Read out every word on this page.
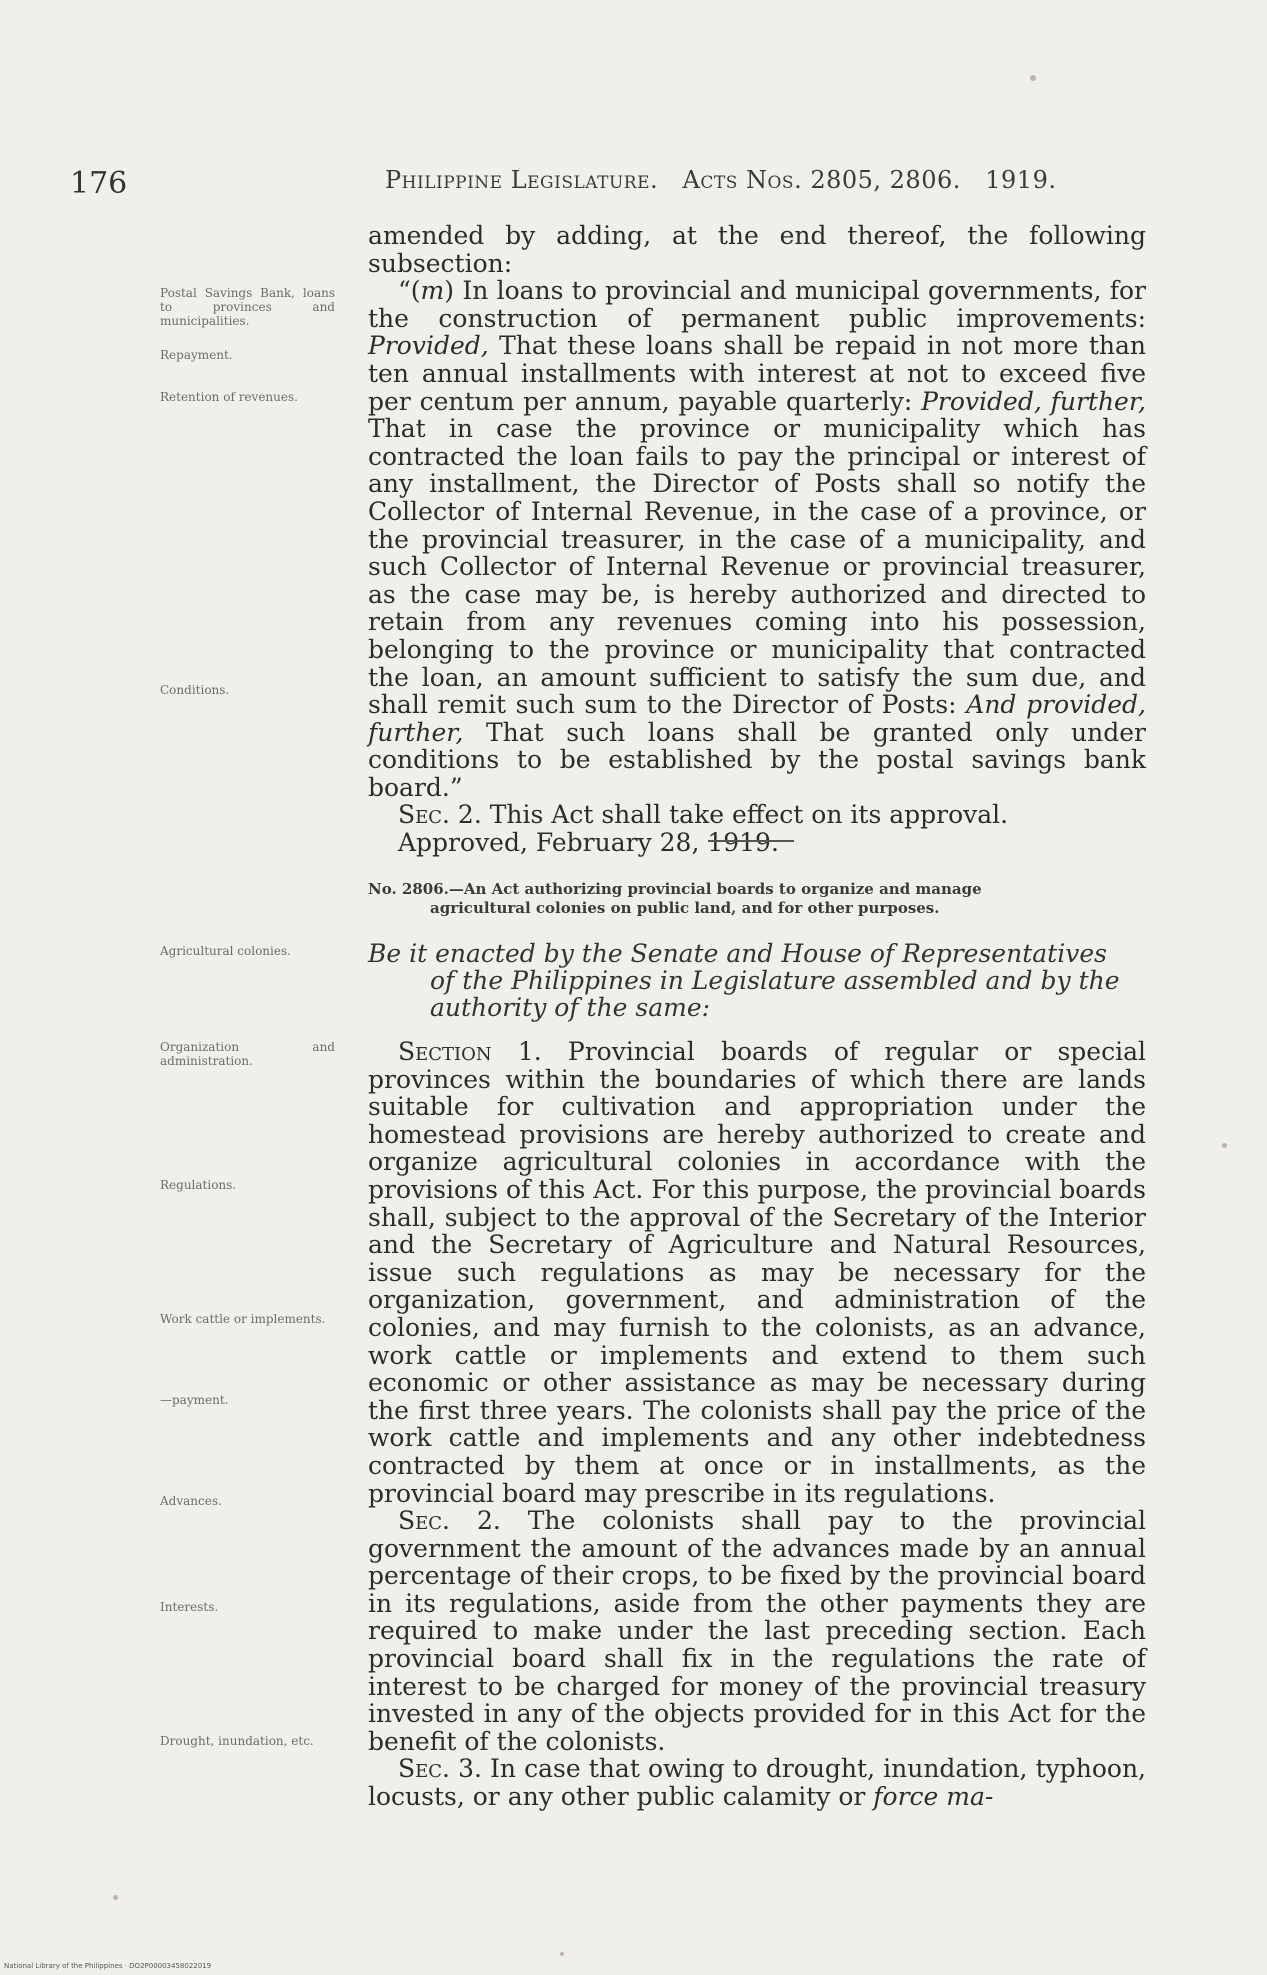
176	Philippine Legislature. Acts Nos. 2805, 2806. 1919.
Postal Savings Bank, loans to provinces and municipalities.
Repayment.
Retention of revenues.
Conditions.
Agricultural colonies.
Organization and administration.
Regulations.
Work cattle or implements.
—payment.
Advances.
Interests.
Drought, inundation, etc.

amended by adding, at the end thereof, the following subsection:

“(m) In loans to provincial and municipal governments, for the construction of permanent public improvements: Provided, That these loans shall be repaid in not more than ten annual installments with interest at not to exceed five per centum per annum, payable quarterly: Provided, further, That in case the province or municipality which has contracted the loan fails to pay the principal or interest of any installment, the Director of Posts shall so notify the Collector of Internal Revenue, in the case of a province, or the provincial treasurer, in the case of a municipality, and such Collector of Internal Revenue or provincial treasurer, as the case may be, is hereby authorized and directed to retain from any revenues coming into his possession, belonging to the province or municipality that contracted the loan, an amount sufficient to satisfy the sum due, and shall remit such sum to the Director of Posts: And provided, further, That such loans shall be granted only under conditions to be established by the postal savings bank board.”

Sec. 2. This Act shall take effect on its approval.

Approved, February 28, 1919.

No. 2806.—An Act authorizing provincial boards to organize and manage
agricultural colonies on public land, and for other purposes.
Be it enacted by the Senate and House of Representatives
of the Philippines in Legislature assembled and by the
authority of the same:

Section 1. Provincial boards of regular or special provinces within the boundaries of which there are lands suitable for cultivation and appropriation under the homestead provisions are hereby authorized to create and organize agricultural colonies in accordance with the provisions of this Act. For this purpose, the provincial boards shall, subject to the approval of the Secretary of the Interior and the Secretary of Agriculture and Natural Resources, issue such regulations as may be necessary for the organization, government, and administration of the colonies, and may furnish to the colonists, as an advance, work cattle or implements and extend to them such economic or other assistance as may be necessary during the first three years. The colonists shall pay the price of the work cattle and implements and any other indebtedness contracted by them at once or in installments, as the provincial board may prescribe in its regulations.

Sec. 2. The colonists shall pay to the provincial government the amount of the advances made by an annual percentage of their crops, to be fixed by the provincial board in its regulations, aside from the other payments they are required to make under the last preceding section. Each provincial board shall fix in the regulations the rate of interest to be charged for money of the provincial treasury invested in any of the objects provided for in this Act for the benefit of the colonists.

Sec. 3. In case that owing to drought, inundation, typhoon, locusts, or any other public calamity or force ma-

National Library of the Philippines · DO2P00003458022019
